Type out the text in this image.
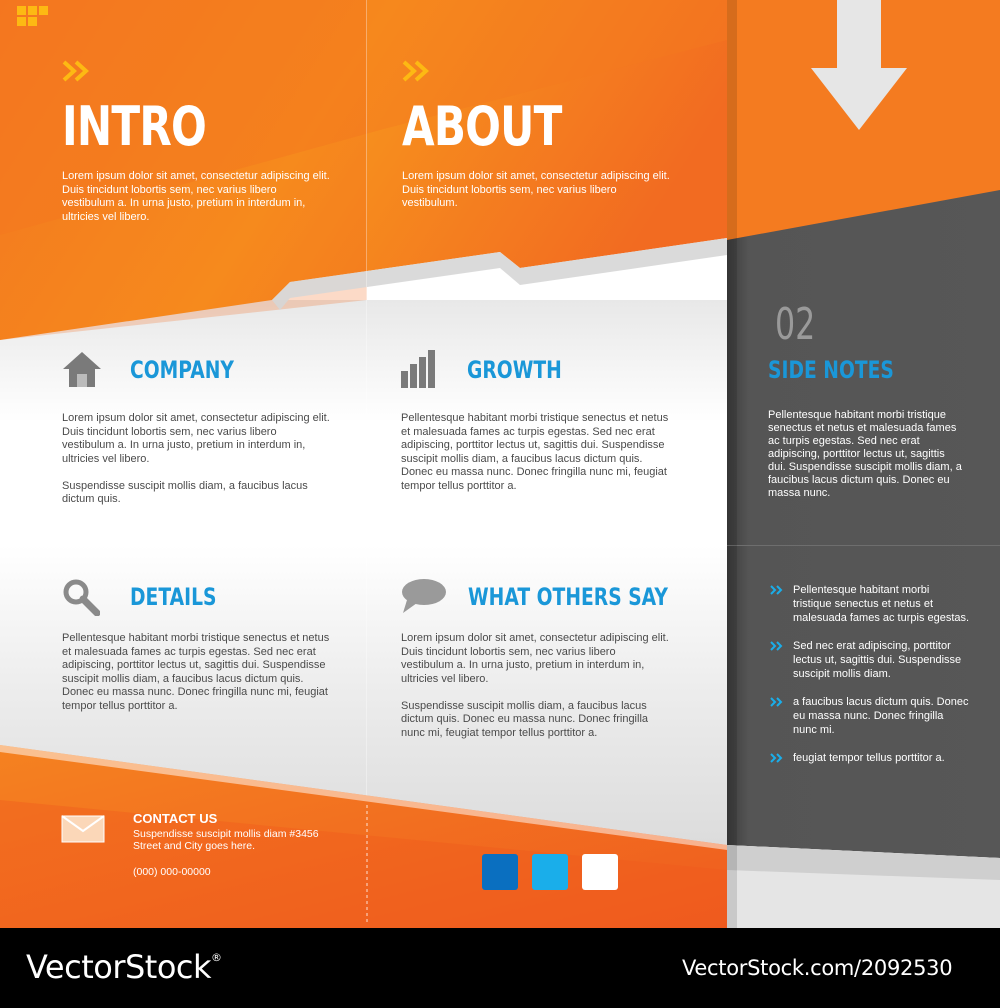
INTRO
Lorem ipsum dolor sit amet, consectetur adipiscing elit. Duis tincidunt lobortis sem, nec varius libero vestibulum a. In urna justo, pretium in interdum in, ultricies vel libero.
ABOUT
Lorem ipsum dolor sit amet, consectetur adipiscing elit. Duis tincidunt lobortis sem, nec varius libero vestibulum.
COMPANY

Lorem ipsum dolor sit amet, consectetur adipiscing elit. Duis tincidunt lobortis sem, nec varius libero vestibulum a. In urna justo, pretium in interdum in, ultricies vel libero.

Suspendisse suscipit mollis diam, a faucibus lacus dictum quis.

GROWTH

Pellentesque habitant morbi tristique senectus et netus et malesuada fames ac turpis egestas. Sed nec erat adipiscing, porttitor lectus ut, sagittis dui. Suspendisse suscipit mollis diam, a faucibus lacus dictum quis. Donec eu massa nunc. Donec fringilla nunc mi, feugiat tempor tellus porttitor a.

DETAILS

Pellentesque habitant morbi tristique senectus et netus et malesuada fames ac turpis egestas. Sed nec erat adipiscing, porttitor lectus ut, sagittis dui. Suspendisse suscipit mollis diam, a faucibus lacus dictum quis. Donec eu massa nunc. Donec fringilla nunc mi, feugiat tempor tellus porttitor a.

WHAT OTHERS SAY

Lorem ipsum dolor sit amet, consectetur adipiscing elit. Duis tincidunt lobortis sem, nec varius libero vestibulum a. In urna justo, pretium in interdum in, ultricies vel libero.

Suspendisse suscipit mollis diam, a faucibus lacus dictum quis. Donec eu massa nunc. Donec fringilla nunc mi, feugiat tempor tellus porttitor a.

02
SIDE NOTES
Pellentesque habitant morbi tristique senectus et netus et malesuada fames ac turpis egestas. Sed nec erat adipiscing, porttitor lectus ut, sagittis dui. Suspendisse suscipit mollis diam, a faucibus lacus dictum quis. Donec eu massa nunc.
Pellentesque habitant morbi tristique senectus et netus et malesuada fames ac turpis egestas.
Sed nec erat adipiscing, porttitor lectus ut, sagittis dui. Suspendisse suscipit mollis diam.
a faucibus lacus dictum quis. Donec eu massa nunc. Donec fringilla nunc mi.
feugiat tempor tellus porttitor a.
CONTACT US
Suspendisse suscipit mollis diam #3456
Street and City goes here.
(000) 000-00000
VectorStock®	VectorStock.com/2092530
